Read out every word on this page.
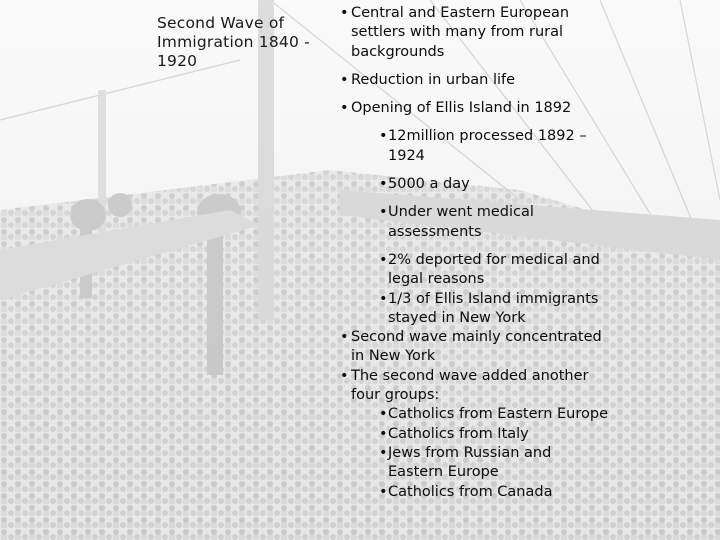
Second Wave of Immigration 1840 - 1920
• Central and Eastern European settlers with many from rural backgrounds
• Reduction in urban life
• Opening of Ellis Island in 1892
• 12million processed 1892 – 1924
• 5000 a day
• Under went medical assessments
• 2% deported for medical and legal reasons
• 1/3 of Ellis Island immigrants stayed in New York
• Second wave mainly concentrated in New York
• The second wave added another four groups:
• Catholics from Eastern Europe
• Catholics from Italy
• Jews from Russian and Eastern Europe
• Catholics from Canada
